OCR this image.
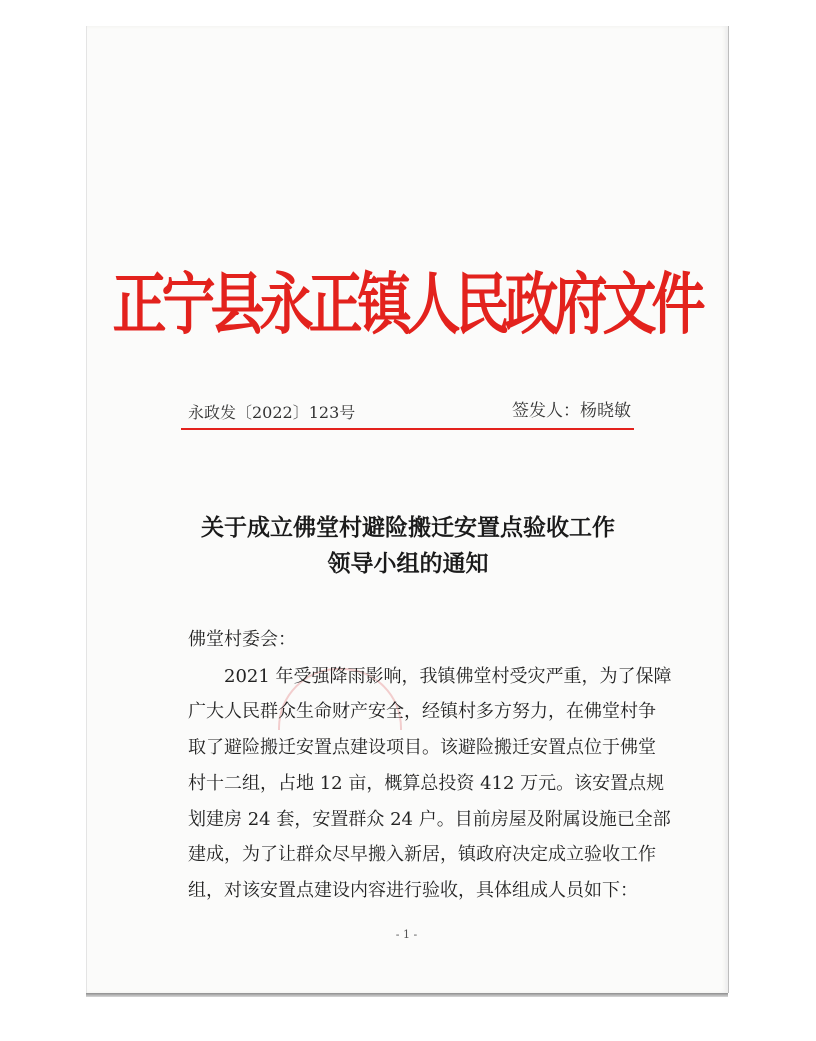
正宁县永正镇人民政府文件
永政发〔2022〕123号	签发人：杨晓敏
关于成立佛堂村避险搬迁安置点验收工作
领导小组的通知
佛堂村委会：
2021 年受强降雨影响，我镇佛堂村受灾严重，为了保障
广大人民群众生命财产安全，经镇村多方努力，在佛堂村争
取了避险搬迁安置点建设项目。该避险搬迁安置点位于佛堂
村十二组，占地 12 亩，概算总投资 412 万元。该安置点规
划建房 24 套，安置群众 24 户。目前房屋及附属设施已全部
建成，为了让群众尽早搬入新居，镇政府决定成立验收工作
组，对该安置点建设内容进行验收，具体组成人员如下：
- 1 -
